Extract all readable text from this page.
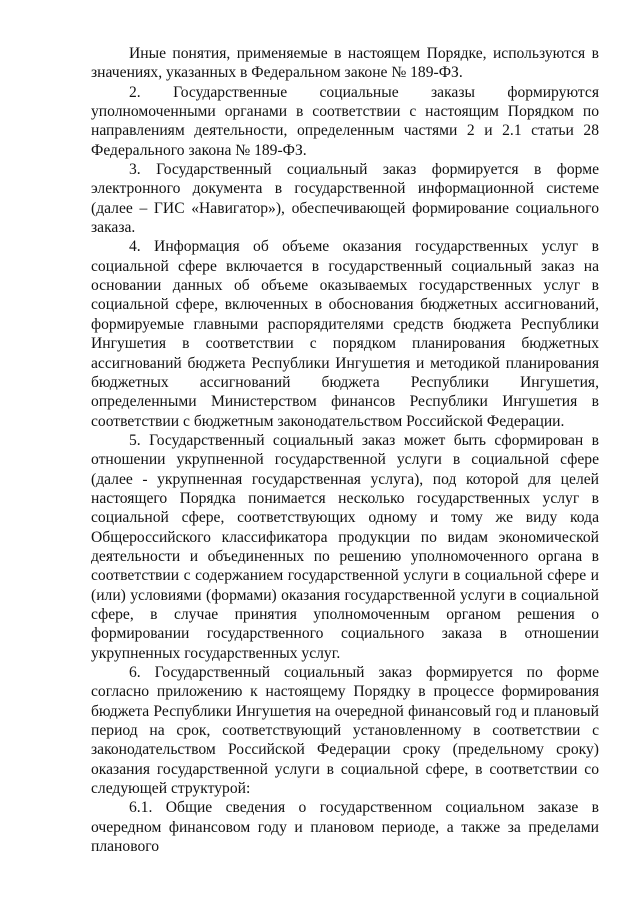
Иные понятия, применяемые в настоящем Порядке, используются в значениях, указанных в Федеральном законе № 189-ФЗ.

2. Государственные социальные заказы формируются уполномоченными органами в соответствии с настоящим Порядком по направлениям деятельности, определенным частями 2 и 2.1 статьи 28 Федерального закона № 189-ФЗ.

3. Государственный социальный заказ формируется в форме электронного документа в государственной информационной системе (далее – ГИС «Навигатор»), обеспечивающей формирование социального заказа.

4. Информация об объеме оказания государственных услуг в социальной сфере включается в государственный социальный заказ на основании данных об объеме оказываемых государственных услуг в социальной сфере, включенных в обоснования бюджетных ассигнований, формируемые главными распорядителями средств бюджета Республики Ингушетия в соответствии с порядком планирования бюджетных ассигнований бюджета Республики Ингушетия и методикой планирования бюджетных ассигнований бюджета Республики Ингушетия, определенными Министерством финансов Республики Ингушетия в соответствии с бюджетным законодательством Российской Федерации.

5. Государственный социальный заказ может быть сформирован в отношении укрупненной государственной услуги в социальной сфере (далее - укрупненная государственная услуга), под которой для целей настоящего Порядка понимается несколько государственных услуг в социальной сфере, соответствующих одному и тому же виду кода Общероссийского классификатора продукции по видам экономической деятельности и объединенных по решению уполномоченного органа в соответствии с содержанием государственной услуги в социальной сфере и (или) условиями (формами) оказания государственной услуги в социальной сфере, в случае принятия уполномоченным органом решения о формировании государственного социального заказа в отношении укрупненных государственных услуг.

6. Государственный социальный заказ формируется по форме согласно приложению к настоящему Порядку в процессе формирования бюджета Республики Ингушетия на очередной финансовый год и плановый период на срок, соответствующий установленному в соответствии с законодательством Российской Федерации сроку (предельному сроку) оказания государственной услуги в социальной сфере, в соответствии со следующей структурой:

6.1. Общие сведения о государственном социальном заказе в очередном финансовом году и плановом периоде, а также за пределами планового
